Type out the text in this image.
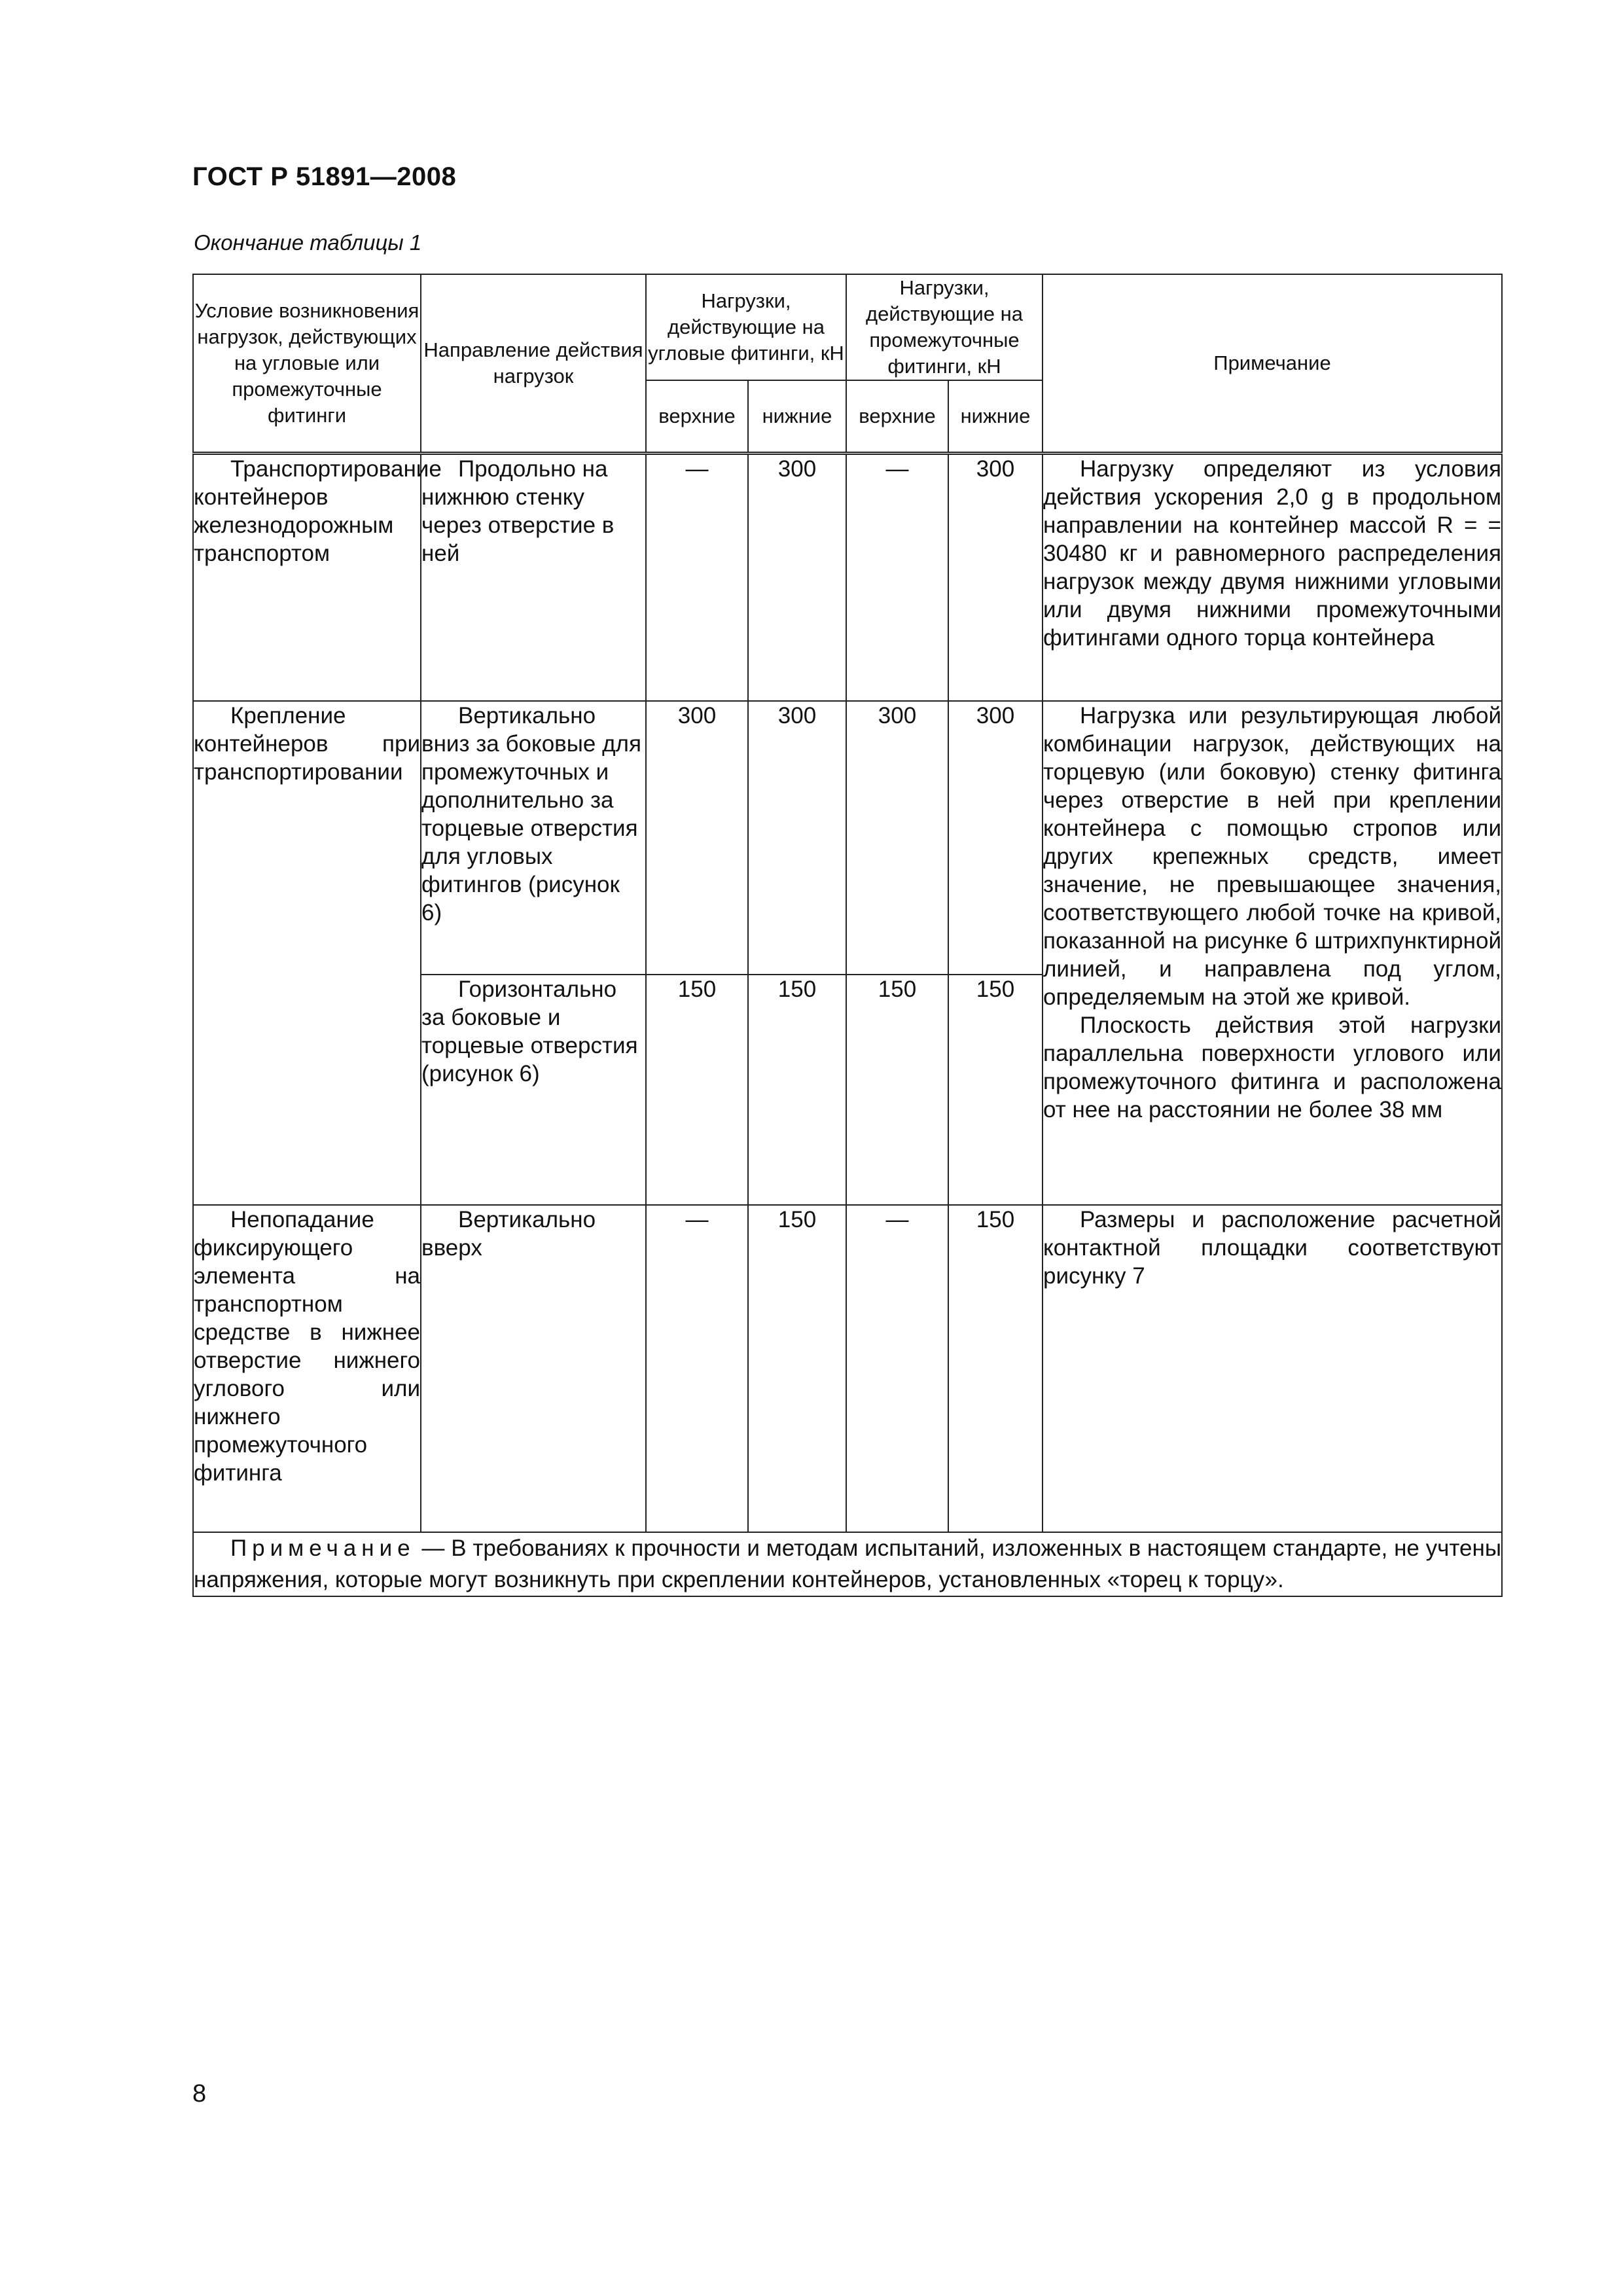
ГОСТ Р 51891—2008
Окончание таблицы 1
Условие возникновения нагрузок, действующих на угловые или промежуточные фитинги	Направление действия нагрузок	Нагрузки, действующие на угловые фитинги, кН		Нагрузки, действующие на промежуточные фитинги, кН		Примечание
		верхние	нижние	верхние	нижние	

Транспортирование контейнеров железнодорожным транспортом	Продольно на нижнюю стенку через отверстие в ней	—	300	—	300	Нагрузку определяют из условия действия ускорения 2,0 g в продольном направлении на контейнер массой R = = 30480 кг и равномерного распределения нагрузок между двумя нижними угловыми или двумя нижними промежуточными фитингами одного торца контейнера

Крепление контейнеров при транспортировании	Вертикально вниз за боковые для промежуточных и дополнительно за торцевые отверстия для угловых фитингов (рисунок 6)	300	300	300	300	Нагрузка или результирующая любой комбинации нагрузок, действующих на торцевую (или боковую) стенку фитинга через отверстие в ней при креплении контейнера с помощью стропов или других крепежных средств, имеет значение, не превышающее значения, соответствующего любой точке на кривой, показанной на рисунке 6 штрихпунктирной линией, и направлена под углом, определяемым на этой же кривой.
Плоскость действия этой нагрузки параллельна поверхности углового или промежуточного фитинга и расположена от нее на расстоянии не более 38 мм

	Горизонтально за боковые и торцевые отверстия (рисунок 6)	150	150	150	150	

Непопадание фиксирующего элемента на транспортном средстве в нижнее отверстие нижнего углового или нижнего промежуточного фитинга	Вертикально вверх	—	150	—	150	Размеры и расположение расчетной контактной площадки соответствуют рисунку 7

Примечание — В требованиях к прочности и методам испытаний, изложенных в настоящем стандарте, не учтены напряжения, которые могут возникнуть при скреплении контейнеров, установленных «торец к торцу».						
8
